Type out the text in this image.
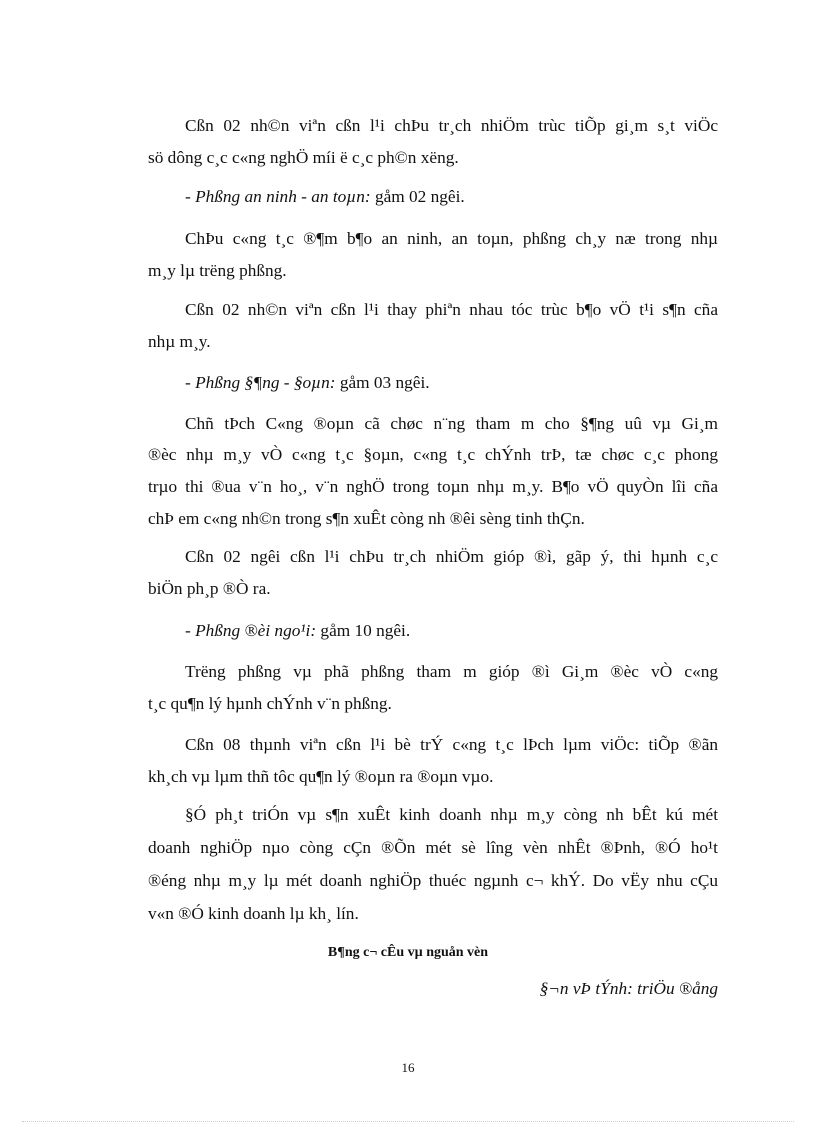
Cßn 02 nh©n viªn cßn l¹i chÞu tr¸ch nhiÖm trùc tiÕp gi¸m s¸t viÖc
sö dông c¸c c«ng nghÖ míi ë c¸c ph©n xëng.
- Phßng an ninh - an toµn: gåm 02 ngêi.
ChÞu c«ng t¸c ®¶m b¶o an ninh, an toµn, phßng ch¸y næ trong nhµ
m¸y lµ trëng phßng.
Cßn 02 nh©n viªn cßn l¹i thay phiªn nhau tóc trùc b¶o vÖ t¹i s¶n cña
nhµ m¸y.
- Phßng §¶ng - §oµn: gåm 03 ngêi.
Chñ tÞch C«ng ®oµn cã chøc n¨ng tham m cho §¶ng uû vµ Gi¸m
®èc nhµ m¸y vÒ c«ng t¸c §oµn, c«ng t¸c chÝnh trÞ, tæ chøc c¸c phong
trµo thi ®ua v¨n ho¸, v¨n nghÖ trong toµn nhµ m¸y. B¶o vÖ quyÒn lîi cña
chÞ em c«ng nh©n trong s¶n xuÊt còng nh ®êi sèng tinh thÇn.
Cßn 02 ngêi cßn l¹i chÞu tr¸ch nhiÖm gióp ®ì, gãp ý, thi hµnh c¸c
biÖn ph¸p ®Ò ra.
- Phßng ®èi ngo¹i: gåm 10 ngêi.
Trëng phßng vµ phã phßng tham m gióp ®ì Gi¸m ®èc vÒ c«ng
t¸c qu¶n lý hµnh chÝnh v¨n phßng.
Cßn 08 thµnh viªn cßn l¹i bè trÝ c«ng t¸c lÞch lµm viÖc: tiÕp ®ãn
kh¸ch vµ lµm thñ tôc qu¶n lý ®oµn ra ®oµn vµo.
§Ó ph¸t triÓn vµ s¶n xuÊt kinh doanh nhµ m¸y còng nh bÊt kú mét
doanh nghiÖp nµo còng cÇn ®Õn mét sè lîng vèn nhÊt ®Þnh, ®Ó ho¹t
®éng nhµ m¸y lµ mét doanh nghiÖp thuéc ngµnh c¬ khÝ. Do vËy nhu cÇu
v«n ®Ó kinh doanh lµ kh¸ lín.
B¶ng c¬ cÊu vµ nguån vèn
§¬n vÞ tÝnh: triÖu ®ång
16
